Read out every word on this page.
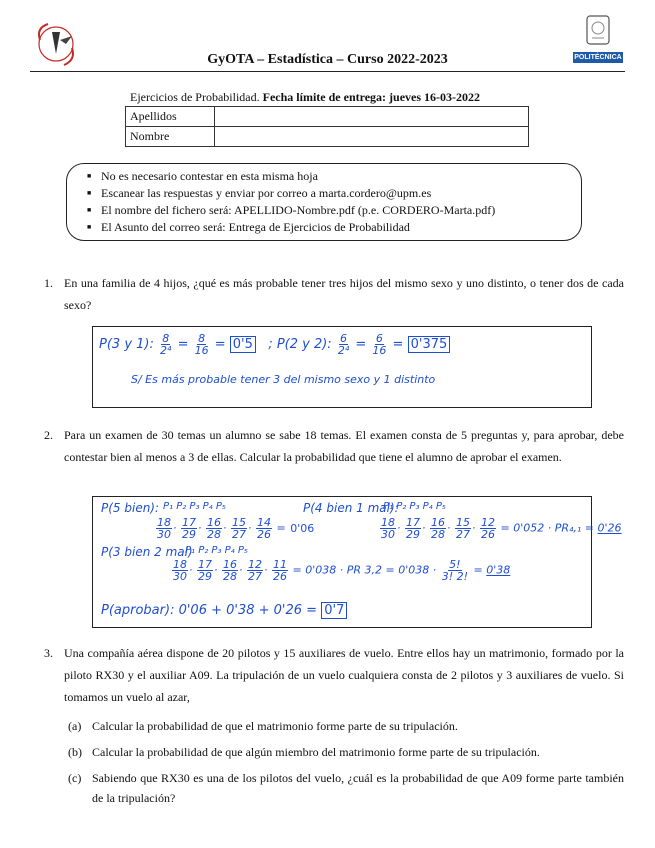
GyOTA – Estadística – Curso 2022-2023	POLITÉCNICA
Ejercicios de Probabilidad. Fecha límite de entrega: jueves 16-03-2022
Apellidos	
Nombre	
■ No es necesario contestar en esta misma hoja
■ Escanear las respuestas y enviar por correo a marta.cordero@upm.es
■ El nombre del fichero será: APELLIDO-Nombre.pdf (p.e. CORDERO-Marta.pdf)
■ El Asunto del correo será: Entrega de Ejercicios de Probabilidad
1. En una familia de 4 hijos, ¿qué es más probable tener tres hijos del mismo sexo y uno distinto, o tener dos de cada sexo?
P(3 y 1): $\frac{8}{\text{2⁴}} = \frac{8}{16} = 0'5$ ; P(2 y 2): $\frac{6}{\text{2⁴}} = \frac{6}{16} = 0'375$
S/ Es más probable tener 3 del mismo sexo y 1 distinto
2. Para un examen de 30 temas un alumno se sabe 18 temas. El examen consta de 5 preguntas y, para aprobar, debe contestar bien al menos a 3 de ellas. Calcular la probabilidad que tiene el alumno de aprobar el examen.
P(5 bien): P₁ P₂ P₃ P₄ P₅
$\frac{18}{30} \cdot \frac{17}{29} \cdot \frac{16}{28} \cdot \frac{15}{27} \cdot \frac{14}{26} = 0'06$
P(4 bien 1 mal):
P₁ P₂ P₃ P₄ P₅
$\frac{18}{30} \cdot \frac{17}{29} \cdot \frac{16}{28} \cdot \frac{15}{27} \cdot \frac{12}{26} = 0'052 \cdot PR_4,_1 = 0'26$
P(3 bien 2 mal)
P₁ P₂ P₃ P₄ P₅
$\frac{18}{30} \cdot \frac{17}{29} \cdot \frac{16}{28} \cdot \frac{12}{27} \cdot \frac{11}{26} = 0'038$ · PR $3,2 = 0'038 \cdot \frac{5!}{3! 2!} = 0'38$
P(aprobar): 0'06 + 0'38 + 0'26 = 0'7
3. Una compañía aérea dispone de 20 pilotos y 15 auxiliares de vuelo. Entre ellos hay un matrimonio, formado por la piloto RX30 y el auxiliar A09. La tripulación de un vuelo cualquiera consta de 2 pilotos y 3 auxiliares de vuelo. Si tomamos un vuelo al azar,
(a) Calcular la probabilidad de que el matrimonio forme parte de su tripulación.
(b) Calcular la probabilidad de que algún miembro del matrimonio forme parte de su tripulación.
(c) Sabiendo que RX30 es una de los pilotos del vuelo, ¿cuál es la probabilidad de que A09 forme parte también de la tripulación?
